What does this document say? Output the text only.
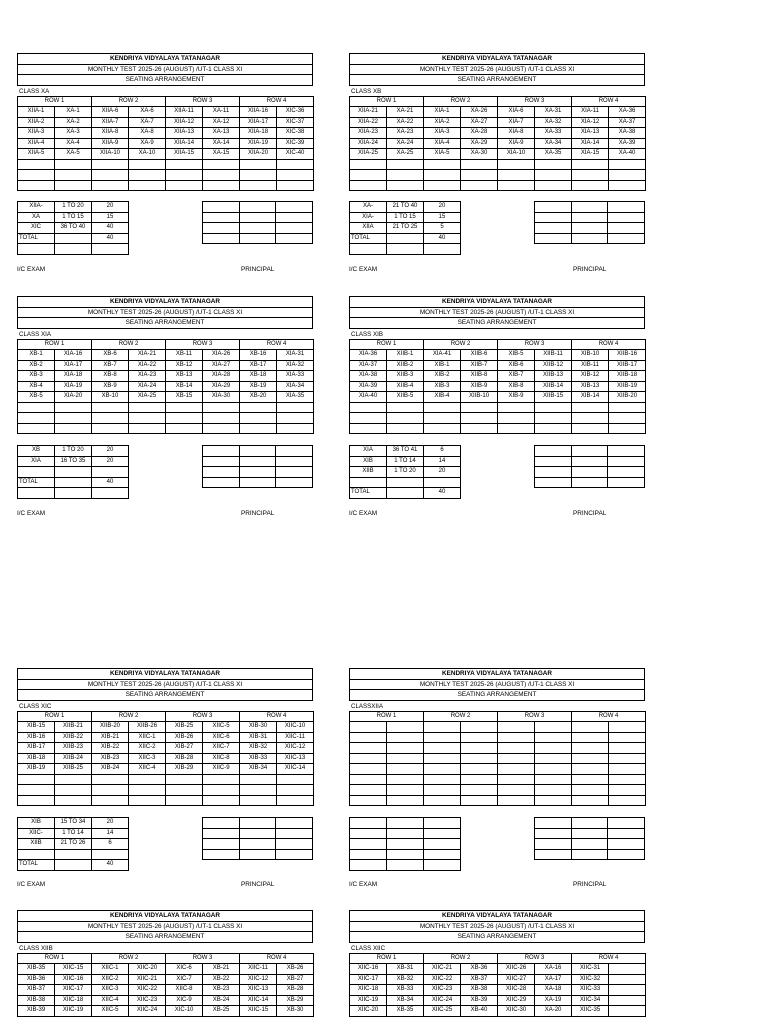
KENDRIYA VIDYALAYA TATANAGAR
MONTHLY TEST 2025-26 (AUGUST) /UT-1 CLASS XI
SEATING ARRANGEMENT
CLASS XA
ROW 1		ROW 2		ROW 3		ROW 4	
XIIA-1	XA-1	XIIA-6	XA-6	XIIA-11	XA-11	XIIA-16	XIC-36
XIIA-2	XA-2	XIIA-7	XA-7	XIIA-12	XA-12	XIIA-17	XIC-37
XIIA-3	XA-3	XIIA-8	XA-8	XIIA-13	XA-13	XIIA-18	XIC-38
XIIA-4	XA-4	XIIA-9	XA-9	XIIA-14	XA-14	XIIA-19	XIC-39
XIIA-5	XA-5	XIIA-10	XA-10	XIIA-15	XA-15	XIIA-20	XIC-40

XIIA-	1 TO 20	20
XA	1 TO 15	15
XIC	36 TO 40	40
TOTAL		40

I/C EXAM	PRINCIPAL
KENDRIYA VIDYALAYA TATANAGAR
MONTHLY TEST 2025-26 (AUGUST) /UT-1 CLASS XI
SEATING ARRANGEMENT
CLASS XB
ROW 1		ROW 2		ROW 3		ROW 4	
XIIA-21	XA-21	XIA-1	XA-26	XIA-6	XA-31	XIA-11	XA-36
XIIA-22	XA-22	XIA-2	XA-27	XIA-7	XA-32	XIA-12	XA-37
XIIA-23	XA-23	XIA-3	XA-28	XIA-8	XA-33	XIA-13	XA-38
XIIA-24	XA-24	XIA-4	XA-29	XIA-9	XA-34	XIA-14	XA-39
XIIA-25	XA-25	XIA-5	XA-30	XIA-10	XA-35	XIA-15	XA-40

XA-	21 TO 40	20
XIA-	1 TO 15	15
XIIA	21 TO 25	5
TOTAL		40

I/C EXAM	PRINCIPAL
KENDRIYA VIDYALAYA TATANAGAR
MONTHLY TEST 2025-26 (AUGUST) /UT-1 CLASS XI
SEATING ARRANGEMENT
CLASS XIA
ROW 1		ROW 2		ROW 3		ROW 4	
XB-1	XIA-16	XB-6	XIA-21	XB-11	XIA-26	XB-16	XIA-31
XB-2	XIA-17	XB-7	XIA-22	XB-12	XIA-27	XB-17	XIA-32
XB-3	XIA-18	XB-8	XIA-23	XB-13	XIA-28	XB-18	XIA-33
XB-4	XIA-19	XB-9	XIA-24	XB-14	XIA-29	XB-19	XIA-34
XB-5	XIA-20	XB-10	XIA-25	XB-15	XIA-30	XB-20	XIA-35

XB	1 TO 20	20
XIA	16 TO 35	20

TOTAL		40

I/C EXAM	PRINCIPAL
KENDRIYA VIDYALAYA TATANAGAR
MONTHLY TEST 2025-26 (AUGUST) /UT-1 CLASS XI
SEATING ARRANGEMENT
CLASS XIB
ROW 1		ROW 2		ROW 3		ROW 4	
XIA-36	XIIB-1	XIA-41	XIIB-6	XIB-5	XIIB-11	XIB-10	XIIB-16
XIA-37	XIIB-2	XIB-1	XIIB-7	XIB-6	XIIB-12	XIB-11	XIIB-17
XIA-38	XIIB-3	XIB-2	XIIB-8	XIB-7	XIIB-13	XIB-12	XIIB-18
XIA-39	XIIB-4	XIB-3	XIIB-9	XIB-8	XIIB-14	XIB-13	XIIB-19
XIA-40	XIIB-5	XIB-4	XIIB-10	XIB-9	XIIB-15	XIB-14	XIIB-20

XIA	36 TO 41	6
XIB	1 TO 14	14
XIIB	1 TO 20	20

TOTAL		40

I/C EXAM	PRINCIPAL
KENDRIYA VIDYALAYA TATANAGAR
MONTHLY TEST 2025-26 (AUGUST) /UT-1 CLASS XI
SEATING ARRANGEMENT
CLASS XIC
ROW 1		ROW 2		ROW 3		ROW 4	
XIB-15	XIIB-21	XIIB-20	XIIB-26	XIB-25	XIIC-5	XIB-30	XIIC-10
XIB-16	XIIB-22	XIB-21	XIIC-1	XIB-26	XIIC-6	XIB-31	XIIC-11
XIB-17	XIIB-23	XIB-22	XIIC-2	XIB-27	XIIC-7	XIB-32	XIIC-12
XIB-18	XIIB-24	XIB-23	XIIC-3	XIB-28	XIIC-8	XIB-33	XIIC-13
XIB-19	XIIB-25	XIB-24	XIIC-4	XIB-29	XIIC-9	XIB-34	XIIC-14

XIB	15 TO 34	20
XIIC-	1 TO 14	14
XIIB	21 TO 26	6

TOTAL		40

I/C EXAM	PRINCIPAL
KENDRIYA VIDYALAYA TATANAGAR
MONTHLY TEST 2025-26 (AUGUST) /UT-1 CLASS XI
SEATING ARRANGEMENT
CLASSXIIA
ROW 1		ROW 2		ROW 3		ROW 4	

I/C EXAM	PRINCIPAL
KENDRIYA VIDYALAYA TATANAGAR
MONTHLY TEST 2025-26 (AUGUST) /UT-1 CLASS XI
SEATING ARRANGEMENT
CLASS XIIB
ROW 1		ROW 2		ROW 3		ROW 4	
XIB-35	XIIC-15	XIIC-1	XIIC-20	XIC-6	XB-21	XIIC-11	XB-26
XIB-36	XIIC-16	XIIC-2	XIIC-21	XIC-7	XB-22	XIIC-12	XB-27
XIB-37	XIIC-17	XIIC-3	XIIC-22	XIIC-8	XB-23	XIIC-13	XB-28
XIB-38	XIIC-18	XIIC-4	XIIC-23	XIC-9	XB-24	XIIC-14	XB-29
XIB-39	XIIC-19	XIIC-5	XIIC-24	XIC-10	XB-25	XIIC-15	XB-30
KENDRIYA VIDYALAYA TATANAGAR
MONTHLY TEST 2025-26 (AUGUST) /UT-1 CLASS XI
SEATING ARRANGEMENT
CLASS XIIC
ROW 1		ROW 2		ROW 3		ROW 4	
XIIC-16	XB-31	XIIC-21	XB-36	XIIC-26	XA-16	XIIC-31	
XIIC-17	XB-32	XIIC-22	XB-37	XIIC-27	XA-17	XIIC-32	
XIIC-18	XB-33	XIIC-23	XB-38	XIIC-28	XA-18	XIIC-33	
XIIC-19	XB-34	XIIC-24	XB-39	XIIC-29	XA-19	XIIC-34	
XIIC-20	XB-35	XIIC-25	XB-40	XIIC-30	XA-20	XIIC-35	
